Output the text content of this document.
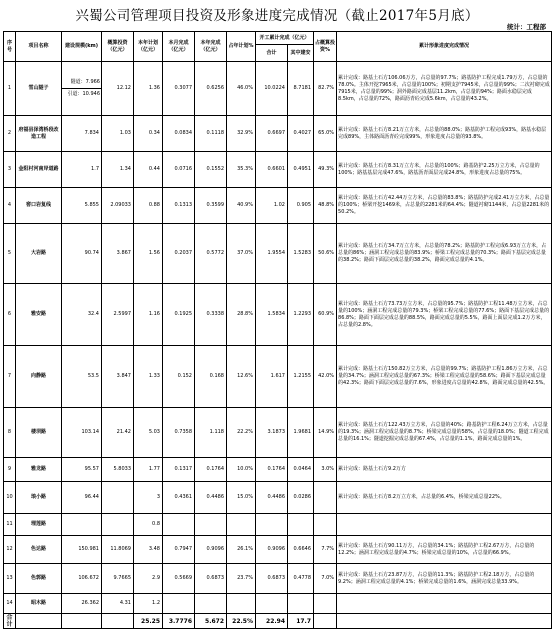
兴蜀公司管理项目投资及形象进度完成情况（截止2017年5月底）
统计：工程部
序号	项目名称	建设规模(km)	概算投资（亿元）	本年计划（亿元）	本月完成（亿元）	本年完成（亿元）	占年计划%	开工累计完成（亿元）		占概算投资%	累计形象进度完成情况
								合计	其中建安		
1	雪山隧子	隧道：7.966
引道：10.946	12.12	1.36	0.3077	0.6256	46.0%	10.0224	8.7181	82.7%	累计完成：路基土石方106.06万方，占总量的97.7%；路基防护工程完成1.79万方，占总量的78.0%。主体开挖7965米，占总量的100%；初期支护7945米，占总量的99%；二次衬砌完成7915米，占总量的99%；洞外路面完成基层11.2km，占总量的94%；路面水稳层完成8.5km，占总量的72%，路面沥青砼完成5.6km，占总量的43.2%。
2	府福县泽湾桥段改造工程	7.834	1.03	0.34	0.0834	0.1118	32.9%	0.6697	0.4027	65.0%	累计完成：路基土石方8.21万立方米，占总量的88.0%；路基防护工程完成93%，路基水稳层完成89%，主体路面沥青砼完成99%，形象进度占总量的93.8%。
3	金阳村河南岸道路	1.7	1.34	0.44	0.0716	0.1552	35.3%	0.6601	0.4951	49.3%	累计完成：路基土石方8.31万立方米，占总量的100%；路基防护2.25万立方米，占总量的100%；路基基层完成47.6%，路基沥青面层完成24.8%，形象进度占总量的75%。
4	窖口岩复线	5.855	2.09033	0.88	0.1313	0.3599	40.9%	1.02	0.905	48.8%	累计完成：路基土石方42.44万立方米，占总量的83.8%；路基防护完成2.41万立方米，占总量的100%；桥梁开挖1469米，占总量的2281米的64.4%；隧道衬砌1144米，占总量2281米的50.2%。
5	大岩路	90.74	3.867	1.56	0.2037	0.5772	37.0%	1.9554	1.5283	50.6%	累计完成：路基土石方34.7万立方米，占总量的78.2%；路基防护工程完成6.93万立方米，占总量的86%；涵洞工程完成总量的83.9%；桥梁工程完成总量的70.3%；路面下基层完成总量的38.2%；路面下面层完成总量的38.2%，路面完成总量的4.1%。
6	雅安路	32.4	2.5997	1.16	0.1925	0.3338	28.8%	1.5834	1.2293	60.9%	累计完成：路基土石方73.73万立方米，占总量的95.7%；路基防护工程11.48万立方米，占总量的100%；涵洞工程完成总量的79.3%；桥梁工程完成总量的77.6%；路面下基层完成总量的86.8%；路面下面层完成总量的88.5%，路面完成总量的5.5%，路面上面层完成1.2万方米，占总量的2.8%。
7	向静路	53.5	3.847	1.33	0.152	0.168	12.6%	1.617	1.2155	42.0%	累计完成：路基土石方150.82万立方米，占总量的99.7%；路基防护工程1.86万立方米，占总量的34.7%；涵洞工程完成总量的67.3%；桥梁工程完成总量的58.6%；路面下基层完成总量的42.3%；路面下面层完成总量的7.6%，形象进度占总量的42.8%，路面完成总量的42.5%。
8	楼坝路	103.14	21.42	5.03	0.7358	1.118	22.2%	3.1873	1.9681	14.9%	累计完成：路基土石方122.43万立方米，占总量的40%；路基防护工程6.24万立方米，占总量的19.3%；涵洞工程完成总量的8.7%；桥梁完成总量的58%，占总量的18.0%；隧道工程完成总量的16.1%；隧道挖掘完成总量的67.4%，占总量的1.1%，路面完成总量的1%。
9	雅龙路	95.57	5.8033	1.77	0.1317	0.1764	10.0%	0.1764	0.0464	3.0%	累计完成：路基土石方9.2万方
10	琅小路	96.44		3	0.4361	0.4486	15.0%	0.4486	0.0286		累计完成：路基土石方8.2万立方米，占总量的6.4%，桥梁完成总量22%。
11	理莲路			0.8							
12	色达路	150.981	11.8069	3.48	0.7947	0.9096	26.1%	0.9096	0.6646	7.7%	累计完成：路基土石方90.11万方，占总量的34.1%；路基防护工程2.67万方，占总量的12.2%；涵洞工程完成总量的4.7%；桥梁完成总量的10%，占总量的66.9%。
13	色郭路	106.672	9.7665	2.9	0.5669	0.6873	23.7%	0.6873	0.4778	7.0%	累计完成：路基土石方23.87万方，占总量的11.3%；路基防护工程2.18万方，占总量的9.2%；涵洞工程完成总量的4.1%；桥梁完成总量的1.6%，涵洞完成总量33.9%。
14	昭木路	26.362	4.31	1.2							
合计				25.25	3.7776	5.672	22.5%	22.94	17.7		
